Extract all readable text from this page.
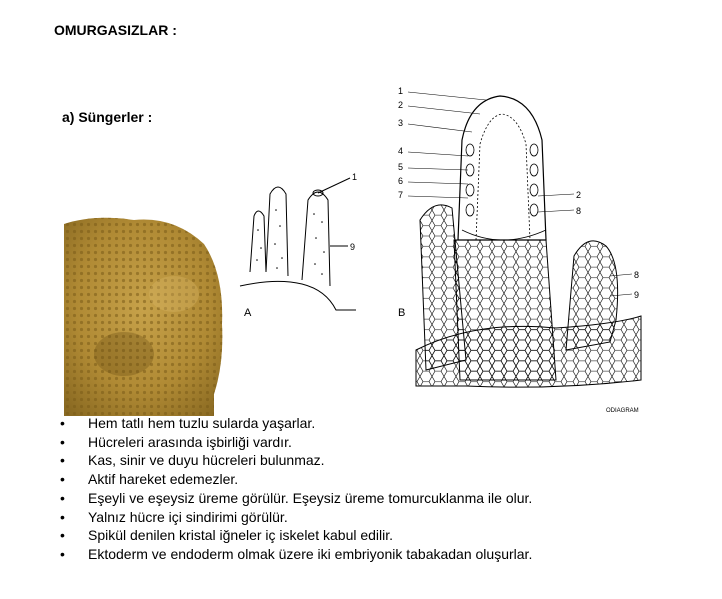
OMURGASIZLAR :
a) Süngerler :
1
9
A
1
2
3
4
5
6
7	2
8
8
9
B
ODIAGRAM
• Hem tatlı hem tuzlu sularda yaşarlar.
• Hücreleri arasında işbirliği vardır.
• Kas, sinir ve duyu hücreleri bulunmaz.
• Aktif hareket edemezler.
• Eşeyli ve eşeysiz üreme görülür. Eşeysiz üreme tomurcuklanma ile olur.
• Yalnız hücre içi sindirimi görülür.
• Spikül denilen kristal iğneler iç iskelet kabul edilir.
• Ektoderm ve endoderm olmak üzere iki embriyonik tabakadan oluşurlar.
